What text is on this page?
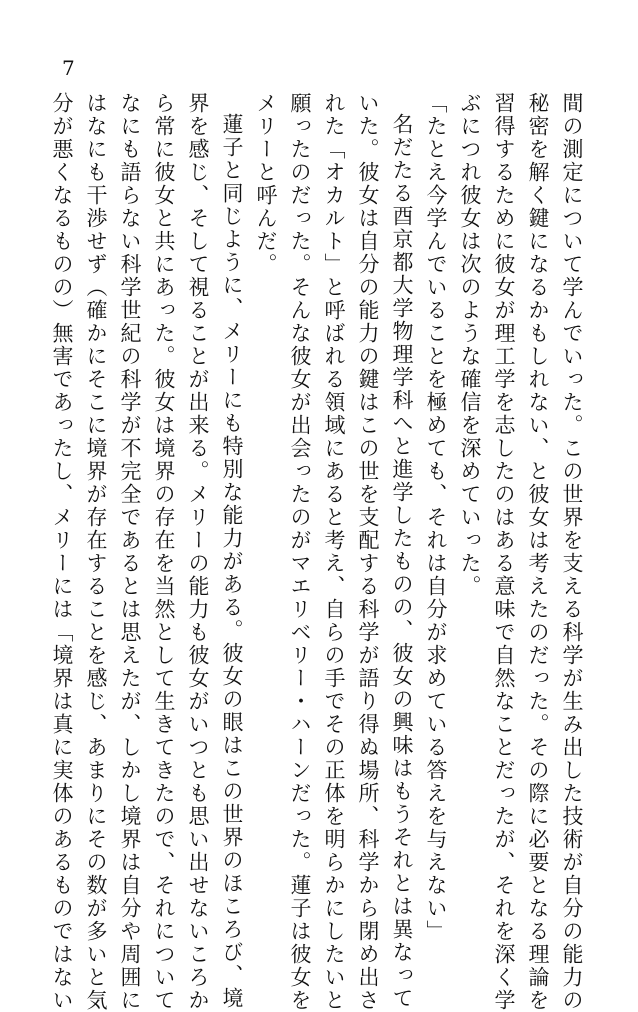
7
間の測定について学んでいった。この世界を支える科学が生み出した技術が自分の能力の
秘密を解く鍵になるかもしれない、と彼女は考えたのだった。その際に必要となる理論を
習得するために彼女が理工学を志したのはある意味で自然なことだったが、それを深く学
ぶにつれ彼女は次のような確信を深めていった。
「たとえ今学んでいることを極めても、それは自分が求めている答えを与えない」
名だたる酉京都大学物理学科へと進学したものの、彼女の興味はもうそれとは異なって
いた。彼女は自分の能力の鍵はこの世を支配する科学が語り得ぬ場所、科学から閉め出さ
れた「オカルト」と呼ばれる領域にあると考え、自らの手でその正体を明らかにしたいと
願ったのだった。そんな彼女が出会ったのがマエリベリー・ハーンだった。蓮子は彼女を
メリーと呼んだ。
蓮子と同じように、メリーにも特別な能力がある。彼女の眼はこの世界のほころび、境
界を感じ、そして視ることが出来る。メリーの能力も彼女がいつとも思い出せないころか
ら常に彼女と共にあった。彼女は境界の存在を当然として生きてきたので、それについて
なにも語らない科学世紀の科学が不完全であるとは思えたが、しかし境界は自分や周囲に
はなにも干渉せず（確かにそこに境界が存在することを感じ、あまりにその数が多いと気
分が悪くなるものの）無害であったし、メリーには「境界は真に実体のあるものではない
